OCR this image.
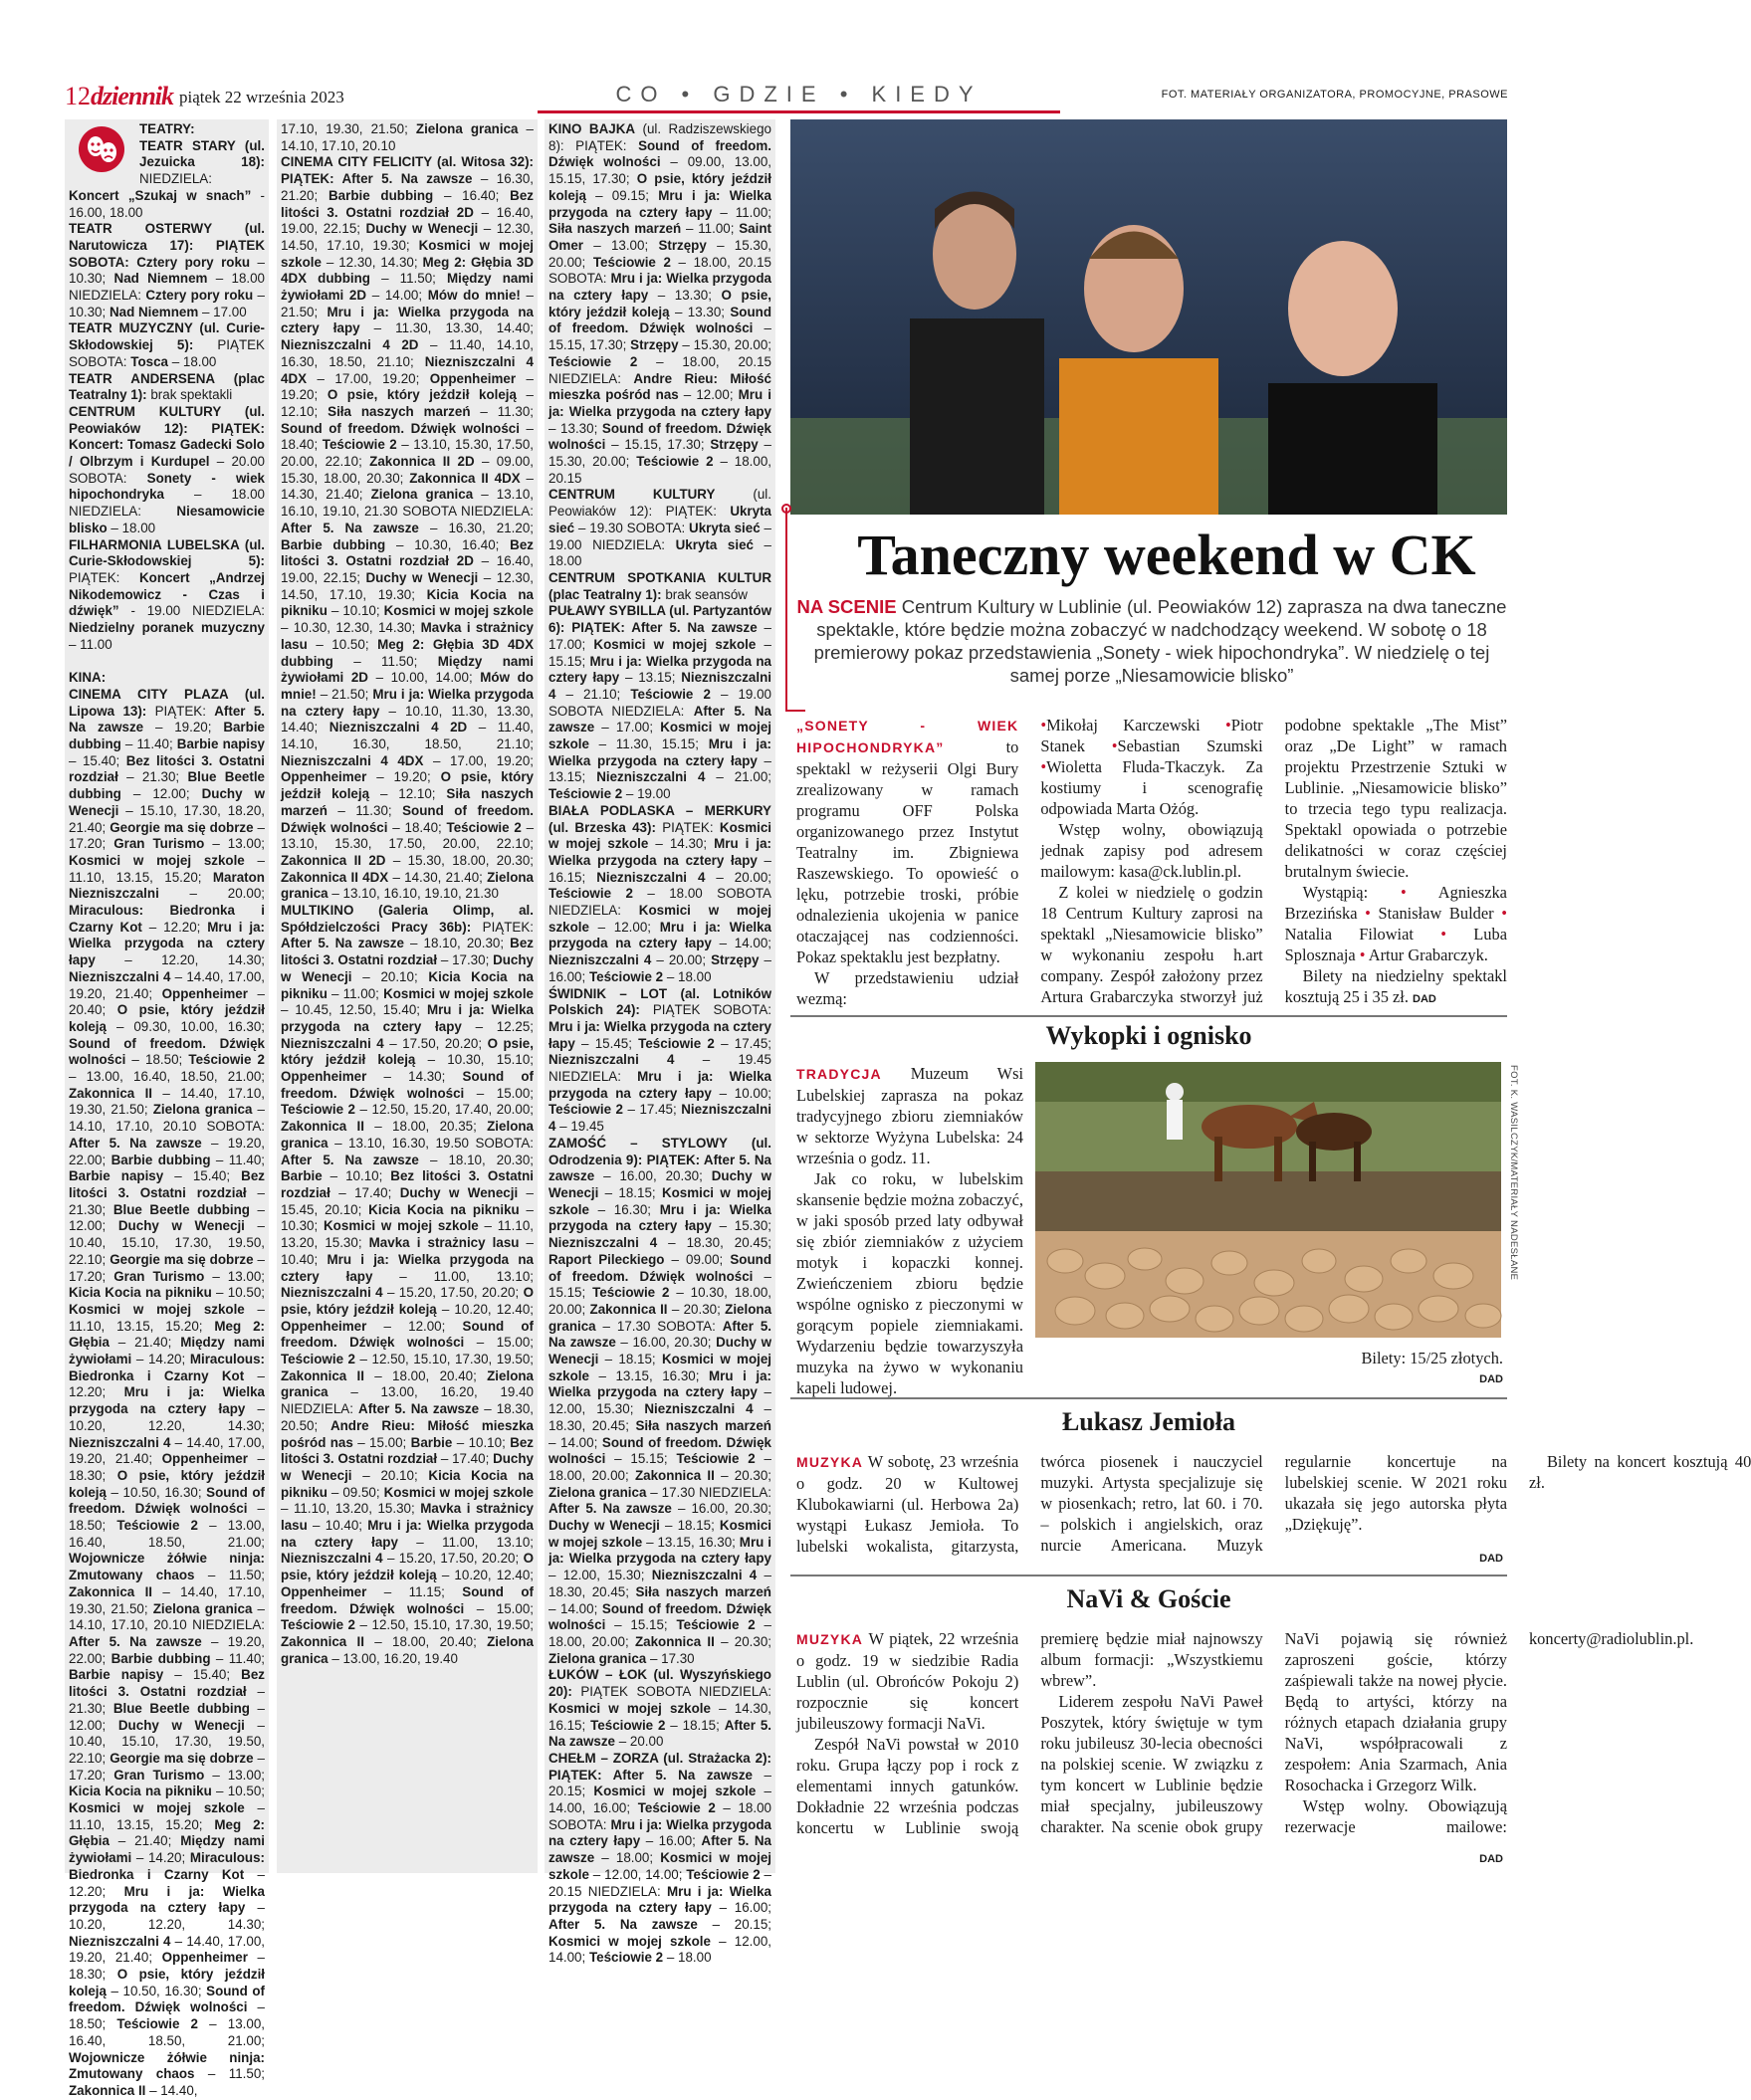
12 dziennik piątek 22 września 2023	CO • GDZIE • KIEDY	FOT. MATERIAŁY ORGANIZATORA, PROMOCYJNE, PRASOWE
TEATRY:
TEATR STARY (ul. Jezuicka 18): NIEDZIELA: Koncert „Szukaj w snach” - 16.00, 18.00
TEATR OSTERWY (ul. Narutowicza 17): PIĄTEK SOBOTA: Cztery pory roku – 10.30; Nad Niemnem – 18.00 NIEDZIELA: Cztery pory roku – 10.30; Nad Niemnem – 17.00
TEATR MUZYCZNY (ul. Curie-Skłodowskiej 5): PIĄTEK SOBOTA: Tosca – 18.00
TEATR ANDERSENA (plac Teatralny 1): brak spektakli
CENTRUM KULTURY (ul. Peowiaków 12): PIĄTEK: Koncert: Tomasz Gadecki Solo / Olbrzym i Kurdupel – 20.00 SOBOTA: Sonety - wiek hipochondryka – 18.00 NIEDZIELA: Niesamowicie blisko – 18.00
FILHARMONIA LUBELSKA (ul. Curie-Skłodowskiej 5): PIĄTEK: Koncert „Andrzej Nikodemowicz - Czas i dźwięk” - 19.00 NIEDZIELA: Niedzielny poranek muzyczny – 11.00

KINA:
CINEMA CITY PLAZA (ul. Lipowa 13): PIĄTEK: After 5. Na zawsze – 19.20; Barbie dubbing – 11.40; Barbie napisy – 15.40; Bez litości 3. Ostatni rozdział – 21.30; Blue Beetle dubbing – 12.00; Duchy w Wenecji – 15.10, 17.30, 18.20, 21.40; Georgie ma się dobrze – 17.20; Gran Turismo – 13.00; Kosmici w mojej szkole – 11.10, 13.15, 15.20; Maraton Niezniszczalni – 20.00; Miraculous: Biedronka i Czarny Kot – 12.20; Mru i ja: Wielka przygoda na cztery łapy – 12.20, 14.30; Niezniszczalni 4 – 14.40, 17.00, 19.20, 21.40; Oppenheimer – 20.40; O psie, który jeździł koleją – 09.30, 10.00, 16.30; Sound of freedom. Dźwięk wolności – 18.50; Teściowie 2 – 13.00, 16.40, 18.50, 21.00; Zakonnica II – 14.40, 17.10, 19.30, 21.50; Zielona granica – 14.10, 17.10, 20.10 SOBOTA: After 5. Na zawsze – 19.20, 22.00; Barbie dubbing – 11.40; Barbie napisy – 15.40; Bez litości 3. Ostatni rozdział – 21.30; Blue Beetle dubbing – 12.00; Duchy w Wenecji – 10.40, 15.10, 17.30, 19.50, 22.10; Georgie ma się dobrze – 17.20; Gran Turismo – 13.00; Kicia Kocia na pikniku – 10.50; Kosmici w mojej szkole – 11.10, 13.15, 15.20; Meg 2: Głębia – 21.40; Między nami żywiołami – 14.20; Miraculous: Biedronka i Czarny Kot – 12.20; Mru i ja: Wielka przygoda na cztery łapy – 10.20, 12.20, 14.30; Niezniszczalni 4 – 14.40, 17.00, 19.20, 21.40; Oppenheimer – 18.30; O psie, który jeździł koleją – 10.50, 16.30; Sound of freedom. Dźwięk wolności – 18.50; Teściowie 2 – 13.00, 16.40, 18.50, 21.00; Wojownicze żółwie ninja: Zmutowany chaos – 11.50; Zakonnica II – 14.40, 17.10, 19.30, 21.50; Zielona granica – 14.10, 17.10, 20.10 NIEDZIELA: After 5. Na zawsze – 19.20, 22.00; Barbie dubbing – 11.40; Barbie napisy – 15.40; Bez litości 3. Ostatni rozdział – 21.30; Blue Beetle dubbing – 12.00; Duchy w Wenecji – 10.40, 15.10, 17.30, 19.50, 22.10; Georgie ma się dobrze – 17.20; Gran Turismo – 13.00; Kicia Kocia na pikniku – 10.50; Kosmici w mojej szkole – 11.10, 13.15, 15.20; Meg 2: Głębia – 21.40; Między nami żywiołami – 14.20; Miraculous: Biedronka i Czarny Kot – 12.20; Mru i ja: Wielka przygoda na cztery łapy – 10.20, 12.20, 14.30; Niezniszczalni 4 – 14.40, 17.00, 19.20, 21.40; Oppenheimer – 18.30; O psie, który jeździł koleją – 10.50, 16.30; Sound of freedom. Dźwięk wolności – 18.50; Teściowie 2 – 13.00, 16.40, 18.50, 21.00; Wojownicze żółwie ninja: Zmutowany chaos – 11.50; Zakonnica II – 14.40,
17.10, 19.30, 21.50; Zielona granica – 14.10, 17.10, 20.10
CINEMA CITY FELICITY (al. Witosa 32): PIĄTEK: After 5. Na zawsze – 16.30, 21.20; Barbie dubbing – 16.40; Bez litości 3. Ostatni rozdział 2D – 16.40, 19.00, 22.15; Duchy w Wenecji – 12.30, 14.50, 17.10, 19.30; Kosmici w mojej szkole – 12.30, 14.30; Meg 2: Głębia 3D 4DX dubbing – 11.50; Między nami żywiołami 2D – 14.00; Mów do mnie! – 21.50; Mru i ja: Wielka przygoda na cztery łapy – 11.30, 13.30, 14.40; Niezniszczalni 4 2D – 11.40, 14.10, 16.30, 18.50, 21.10; Niezniszczalni 4 4DX – 17.00, 19.20; Oppenheimer – 19.20; O psie, który jeździł koleją – 12.10; Siła naszych marzeń – 11.30; Sound of freedom. Dźwięk wolności – 18.40; Teściowie 2 – 13.10, 15.30, 17.50, 20.00, 22.10; Zakonnica II 2D – 09.00, 15.30, 18.00, 20.30; Zakonnica II 4DX – 14.30, 21.40; Zielona granica – 13.10, 16.10, 19.10, 21.30 SOBOTA NIEDZIELA: After 5. Na zawsze – 16.30, 21.20; Barbie dubbing – 10.30, 16.40; Bez litości 3. Ostatni rozdział 2D – 16.40, 19.00, 22.15; Duchy w Wenecji – 12.30, 14.50, 17.10, 19.30; Kicia Kocia na pikniku – 10.10; Kosmici w mojej szkole – 10.30, 12.30, 14.30; Mavka i strażnicy lasu – 10.50; Meg 2: Głębia 3D 4DX dubbing – 11.50; Między nami żywiołami 2D – 10.00, 14.00; Mów do mnie! – 21.50; Mru i ja: Wielka przygoda na cztery łapy – 10.10, 11.30, 13.30, 14.40; Niezniszczalni 4 2D – 11.40, 14.10, 16.30, 18.50, 21.10; Niezniszczalni 4 4DX – 17.00, 19.20; Oppenheimer – 19.20; O psie, który jeździł koleją – 12.10; Siła naszych marzeń – 11.30; Sound of freedom. Dźwięk wolności – 18.40; Teściowie 2 – 13.10, 15.30, 17.50, 20.00, 22.10; Zakonnica II 2D – 15.30, 18.00, 20.30; Zakonnica II 4DX – 14.30, 21.40; Zielona granica – 13.10, 16.10, 19.10, 21.30
MULTIKINO (Galeria Olimp, al. Spółdzielczości Pracy 36b): PIĄTEK: After 5. Na zawsze – 18.10, 20.30; Bez litości 3. Ostatni rozdział – 17.30; Duchy w Wenecji – 20.10; Kicia Kocia na pikniku – 11.00; Kosmici w mojej szkole – 10.45, 12.50, 15.40; Mru i ja: Wielka przygoda na cztery łapy – 12.25; Niezniszczalni 4 – 17.50, 20.20; O psie, który jeździł koleją – 10.30, 15.10; Oppenheimer – 14.30; Sound of freedom. Dźwięk wolności – 15.00; Teściowie 2 – 12.50, 15.20, 17.40, 20.00; Zakonnica II – 18.00, 20.35; Zielona granica – 13.10, 16.30, 19.50 SOBOTA: After 5. Na zawsze – 18.10, 20.30; Barbie – 10.10; Bez litości 3. Ostatni rozdział – 17.40; Duchy w Wenecji – 15.45, 20.10; Kicia Kocia na pikniku – 10.30; Kosmici w mojej szkole – 11.10, 13.20, 15.30; Mavka i strażnicy lasu – 10.40; Mru i ja: Wielka przygoda na cztery łapy – 11.00, 13.10; Niezniszczalni 4 – 15.20, 17.50, 20.20; O psie, który jeździł koleją – 10.20, 12.40; Oppenheimer – 12.00; Sound of freedom. Dźwięk wolności – 15.00; Teściowie 2 – 12.50, 15.10, 17.30, 19.50; Zakonnica II – 18.00, 20.40; Zielona granica – 13.00, 16.20, 19.40 NIEDZIELA: After 5. Na zawsze – 18.30, 20.50; Andre Rieu: Miłość mieszka pośród nas – 15.00; Barbie – 10.10; Bez litości 3. Ostatni rozdział – 17.40; Duchy w Wenecji – 20.10; Kicia Kocia na pikniku – 09.50; Kosmici w mojej szkole – 11.10, 13.20, 15.30; Mavka i strażnicy lasu – 10.40; Mru i ja: Wielka przygoda na cztery łapy – 11.00, 13.10; Niezniszczalni 4 – 15.20, 17.50, 20.20; O psie, który jeździł koleją – 10.20, 12.40; Oppenheimer – 11.15; Sound of freedom. Dźwięk wolności – 15.00; Teściowie 2 – 12.50, 15.10, 17.30, 19.50; Zakonnica II – 18.00, 20.40; Zielona granica – 13.00, 16.20, 19.40
KINO BAJKA (ul. Radziszewskiego 8): PIĄTEK: Sound of freedom. Dźwięk wolności – 09.00, 13.00, 15.15, 17.30; O psie, który jeździł koleją – 09.15; Mru i ja: Wielka przygoda na cztery łapy – 11.00; Siła naszych marzeń – 11.00; Saint Omer – 13.00; Strzępy – 15.30, 20.00; Teściowie 2 – 18.00, 20.15 SOBOTA: Mru i ja: Wielka przygoda na cztery łapy – 13.30; O psie, który jeździł koleją – 13.30; Sound of freedom. Dźwięk wolności – 15.15, 17.30; Strzępy – 15.30, 20.00; Teściowie 2 – 18.00, 20.15 NIEDZIELA: Andre Rieu: Miłość mieszka pośród nas – 12.00; Mru i ja: Wielka przygoda na cztery łapy – 13.30; Sound of freedom. Dźwięk wolności – 15.15, 17.30; Strzępy – 15.30, 20.00; Teściowie 2 – 18.00, 20.15
CENTRUM KULTURY (ul. Peowiaków 12): PIĄTEK: Ukryta sieć – 19.30 SOBOTA: Ukryta sieć – 19.00 NIEDZIELA: Ukryta sieć – 18.00
CENTRUM SPOTKANIA KULTUR (plac Teatralny 1): brak seansów
PUŁAWY SYBILLA (ul. Partyzantów 6): PIĄTEK: After 5. Na zawsze – 17.00; Kosmici w mojej szkole – 15.15; Mru i ja: Wielka przygoda na cztery łapy – 13.15; Niezniszczalni 4 – 21.10; Teściowie 2 – 19.00 SOBOTA NIEDZIELA: After 5. Na zawsze – 17.00; Kosmici w mojej szkole – 11.30, 15.15; Mru i ja: Wielka przygoda na cztery łapy – 13.15; Niezniszczalni 4 – 21.00; Teściowie 2 – 19.00
BIAŁA PODLASKA – MERKURY (ul. Brzeska 43): PIĄTEK: Kosmici w mojej szkole – 14.30; Mru i ja: Wielka przygoda na cztery łapy – 16.15; Niezniszczalni 4 – 20.00; Teściowie 2 – 18.00 SOBOTA NIEDZIELA: Kosmici w mojej szkole – 12.00; Mru i ja: Wielka przygoda na cztery łapy – 14.00; Niezniszczalni 4 – 20.00; Strzępy – 16.00; Teściowie 2 – 18.00
ŚWIDNIK – LOT (al. Lotników Polskich 24): PIĄTEK SOBOTA: Mru i ja: Wielka przygoda na cztery łapy – 15.45; Teściowie 2 – 17.45; Niezniszczalni 4 – 19.45 NIEDZIELA: Mru i ja: Wielka przygoda na cztery łapy – 10.00; Teściowie 2 – 17.45; Niezniszczalni 4 – 19.45
ZAMOŚĆ – STYLOWY (ul. Odrodzenia 9): PIĄTEK: After 5. Na zawsze – 16.00, 20.30; Duchy w Wenecji – 18.15; Kosmici w mojej szkole – 16.30; Mru i ja: Wielka przygoda na cztery łapy – 15.30; Niezniszczalni 4 – 18.30, 20.45; Raport Pileckiego – 09.00; Sound of freedom. Dźwięk wolności – 15.15; Teściowie 2 – 10.30, 18.00, 20.00; Zakonnica II – 20.30; Zielona granica – 17.30 SOBOTA: After 5. Na zawsze – 16.00, 20.30; Duchy w Wenecji – 18.15; Kosmici w mojej szkole – 13.15, 16.30; Mru i ja: Wielka przygoda na cztery łapy – 12.00, 15.30; Niezniszczalni 4 – 18.30, 20.45; Siła naszych marzeń – 14.00; Sound of freedom. Dźwięk wolności – 15.15; Teściowie 2 – 18.00, 20.00; Zakonnica II – 20.30; Zielona granica – 17.30 NIEDZIELA: After 5. Na zawsze – 16.00, 20.30; Duchy w Wenecji – 18.15; Kosmici w mojej szkole – 13.15, 16.30; Mru i ja: Wielka przygoda na cztery łapy – 12.00, 15.30; Niezniszczalni 4 – 18.30, 20.45; Siła naszych marzeń – 14.00; Sound of freedom. Dźwięk wolności – 15.15; Teściowie 2 – 18.00, 20.00; Zakonnica II – 20.30; Zielona granica – 17.30
ŁUKÓW – ŁOK (ul. Wyszyńskiego 20): PIĄTEK SOBOTA NIEDZIELA: Kosmici w mojej szkole – 14.30, 16.15; Teściowie 2 – 18.15; After 5. Na zawsze – 20.00
CHEŁM – ZORZA (ul. Strażacka 2): PIĄTEK: After 5. Na zawsze – 20.15; Kosmici w mojej szkole – 14.00, 16.00; Teściowie 2 – 18.00 SOBOTA: Mru i ja: Wielka przygoda na cztery łapy – 16.00; After 5. Na zawsze – 18.00; Kosmici w mojej szkole – 12.00, 14.00; Teściowie 2 – 20.15 NIEDZIELA: Mru i ja: Wielka przygoda na cztery łapy – 16.00; After 5. Na zawsze – 20.15; Kosmici w mojej szkole – 12.00, 14.00; Teściowie 2 – 18.00
Taneczny weekend w CK
NA SCENIE Centrum Kultury w Lublinie (ul. Peowiaków 12) zaprasza na dwa taneczne spektakle, które będzie można zobaczyć w nadchodzący weekend. W sobotę o 18 premierowy pokaz przedstawienia „Sonety - wiek hipochondryka”. W niedzielę o tej samej porze „Niesamowicie blisko”

„SONETY - WIEK HIPOCHONDRYKA”	to spektakl w reżyserii Olgi Bury zrealizowany w ramach programu OFF Polska organizowanego przez Instytut Teatralny im. Zbigniewa Raszewskiego. To opowieść o lęku, potrzebie troski, próbie odnalezienia ukojenia w panice otaczającej nas codzienności. Pokaz spektaklu jest bezpłatny.

W przedstawieniu udział wezmą:

•Mikołaj Karczewski •Piotr Stanek •Sebastian Szumski •Wioletta Fluda-Tkaczyk. Za kostiumy i scenografię odpowiada Marta Ożóg.

Wstęp wolny, obowiązują jednak zapisy pod adresem mailowym: kasa@ck.lublin.pl.

Z kolei w niedzielę o godzin 18 Centrum Kultury zaprosi na spektakl „Niesamowicie blisko” w wykonaniu zespołu h.art company. Zespół założony przez Artura Grabarczyka stworzył już podobne spektakle „The Mist” oraz „De Light” w ramach projektu Przestrzenie Sztuki w Lublinie. „Niesamowicie blisko” to trzecia tego typu realizacja. Spektakl opowiada o potrzebie delikatności w coraz częściej brutalnym świecie.

Wystąpią: • Agnieszka Brzezińska • Stanisław Bulder • Natalia Filowiat • Luba Splosznaja • Artur Grabarczyk.

Bilety na niedzielny spektakl kosztują 25 i 35 zł. DAD

Wykopki i ognisko

TRADYCJA Muzeum Wsi Lubelskiej zaprasza na pokaz tradycyjnego zbioru ziemniaków w sektorze Wyżyna Lubelska: 24 września o godz. 11.

Jak co roku, w lubelskim skansenie będzie można zobaczyć, w jaki sposób przed laty odbywał się zbiór ziemniaków z użyciem motyk i kopaczki konnej. Zwieńczeniem zbioru będzie wspólne ognisko z pieczonymi w gorącym popiele ziemniakami. Wydarzeniu będzie towarzyszyła muzyka na żywo w wykonaniu kapeli ludowej.

FOT. K. WASILCZYK/MATERIAŁY NADESŁANE
Bilety: 15/25 złotych.
DAD
Łukasz Jemioła

MUZYKA W sobotę, 23 września o godz. 20 w Kultowej Klubokawiarni (ul. Herbowa 2a) wystąpi Łukasz Jemioła. To lubelski wokalista, gitarzysta, twórca piosenek i nauczyciel muzyki. Artysta specjalizuje się w piosenkach; retro, lat 60. i 70. – polskich i angielskich, oraz nurcie Americana. Muzyk regularnie koncertuje na lubelskiej scenie. W 2021 roku ukazała się jego autorska płyta „Dziękuję”.

Bilety na koncert kosztują 40 zł.

DAD
NaVi & Goście

MUZYKA W piątek, 22 września o godz. 19 w siedzibie Radia Lublin (ul. Obrońców Pokoju 2) rozpocznie się koncert jubileuszowy formacji NaVi.

Zespół NaVi powstał w 2010 roku. Grupa łączy pop i rock z elementami innych gatunków. Dokładnie 22 września podczas koncertu w Lublinie swoją premierę będzie miał najnowszy album formacji: „Wszystkiemu wbrew”.

Liderem zespołu NaVi Paweł Poszytek, który świętuje w tym roku jubileusz 30-lecia obecności na polskiej scenie. W związku z tym koncert w Lublinie będzie miał specjalny, jubileuszowy charakter. Na scenie obok grupy NaVi pojawią się również zaproszeni goście, którzy zaśpiewali także na nowej płycie. Będą to artyści, którzy na różnych etapach działania grupy NaVi, współpracowali z zespołem: Ania Szarmach, Ania Rosochacka i Grzegorz Wilk.

Wstęp wolny. Obowiązują rezerwacje mailowe: koncerty@radiolublin.pl.

DAD
